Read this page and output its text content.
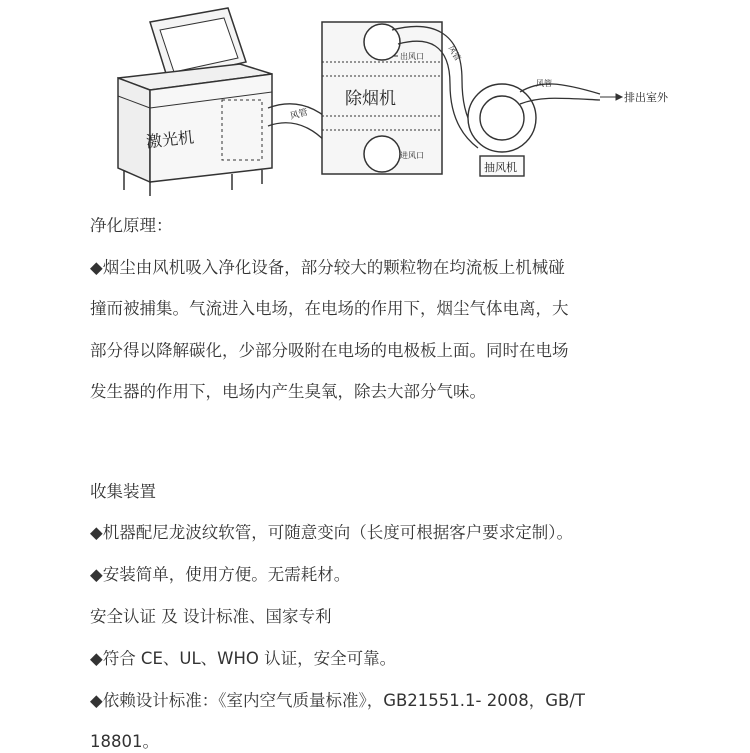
激光机
风管
除烟机
出风口
进风口
风管
抽风机
风管
排出室外
净化原理：
◆烟尘由风机吸入净化设备，部分较大的颗粒物在均流板上机械碰
撞而被捕集。气流进入电场，在电场的作用下，烟尘气体电离，大
部分得以降解碳化，少部分吸附在电场的电极板上面。同时在电场
发生器的作用下，电场内产生臭氧，除去大部分气味。
收集装置
◆机器配尼龙波纹软管，可随意变向（长度可根据客户要求定制）。
◆安装简单，使用方便。无需耗材。
安全认证 及 设计标准、国家专利
◆符合 CE、UL、WHO 认证，安全可靠。
◆依赖设计标准：《室内空气质量标准》，GB21551.1- 2008，GB/T
18801。
